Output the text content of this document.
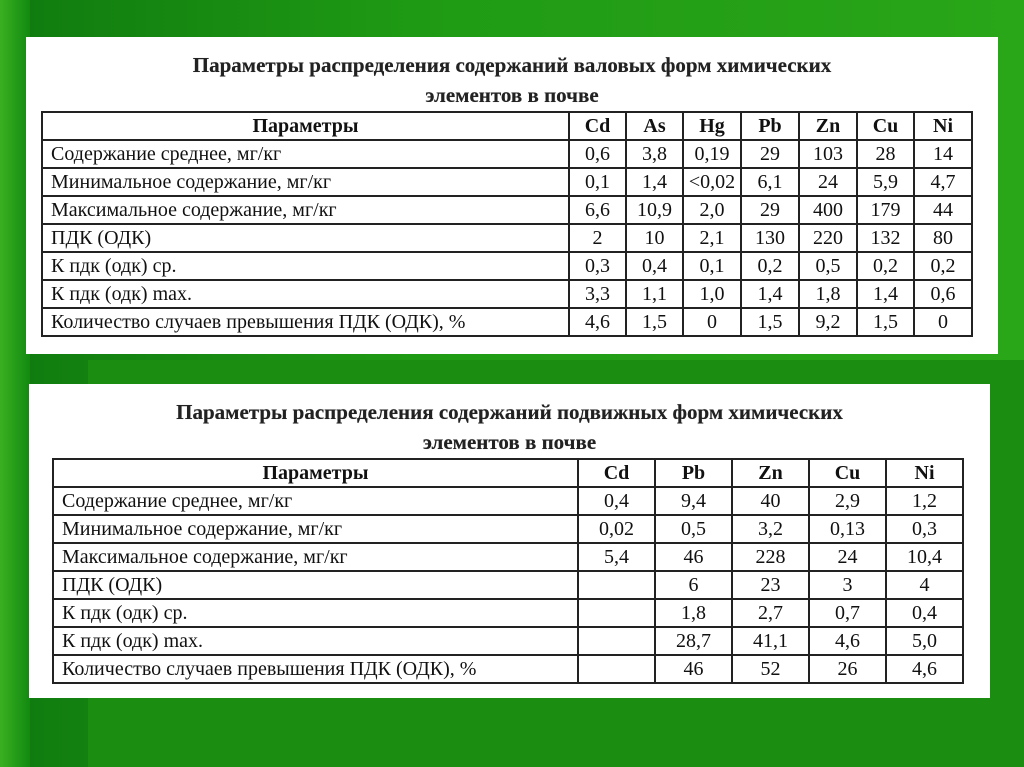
Параметры распределения содержаний валовых форм химических
элементов в почве
Параметры	Cd	As	Hg	Pb	Zn	Cu	Ni
Содержание среднее, мг/кг	0,6	3,8	0,19	29	103	28	14
Минимальное содержание, мг/кг	0,1	1,4	<0,02	6,1	24	5,9	4,7
Максимальное содержание, мг/кг	6,6	10,9	2,0	29	400	179	44
ПДК (ОДК)	2	10	2,1	130	220	132	80
К пдк (одк) ср.	0,3	0,4	0,1	0,2	0,5	0,2	0,2
К пдк (одк) max.	3,3	1,1	1,0	1,4	1,8	1,4	0,6
Количество случаев превышения ПДК (ОДК), %	4,6	1,5	0	1,5	9,2	1,5	0
Параметры распределения содержаний подвижных форм химических
элементов в почве
Параметры	Cd	Pb	Zn	Cu	Ni
Содержание среднее, мг/кг	0,4	9,4	40	2,9	1,2
Минимальное содержание, мг/кг	0,02	0,5	3,2	0,13	0,3
Максимальное содержание, мг/кг	5,4	46	228	24	10,4
ПДК (ОДК)		6	23	3	4
К пдк (одк) ср.		1,8	2,7	0,7	0,4
К пдк (одк) max.		28,7	41,1	4,6	5,0
Количество случаев превышения ПДК (ОДК), %		46	52	26	4,6
